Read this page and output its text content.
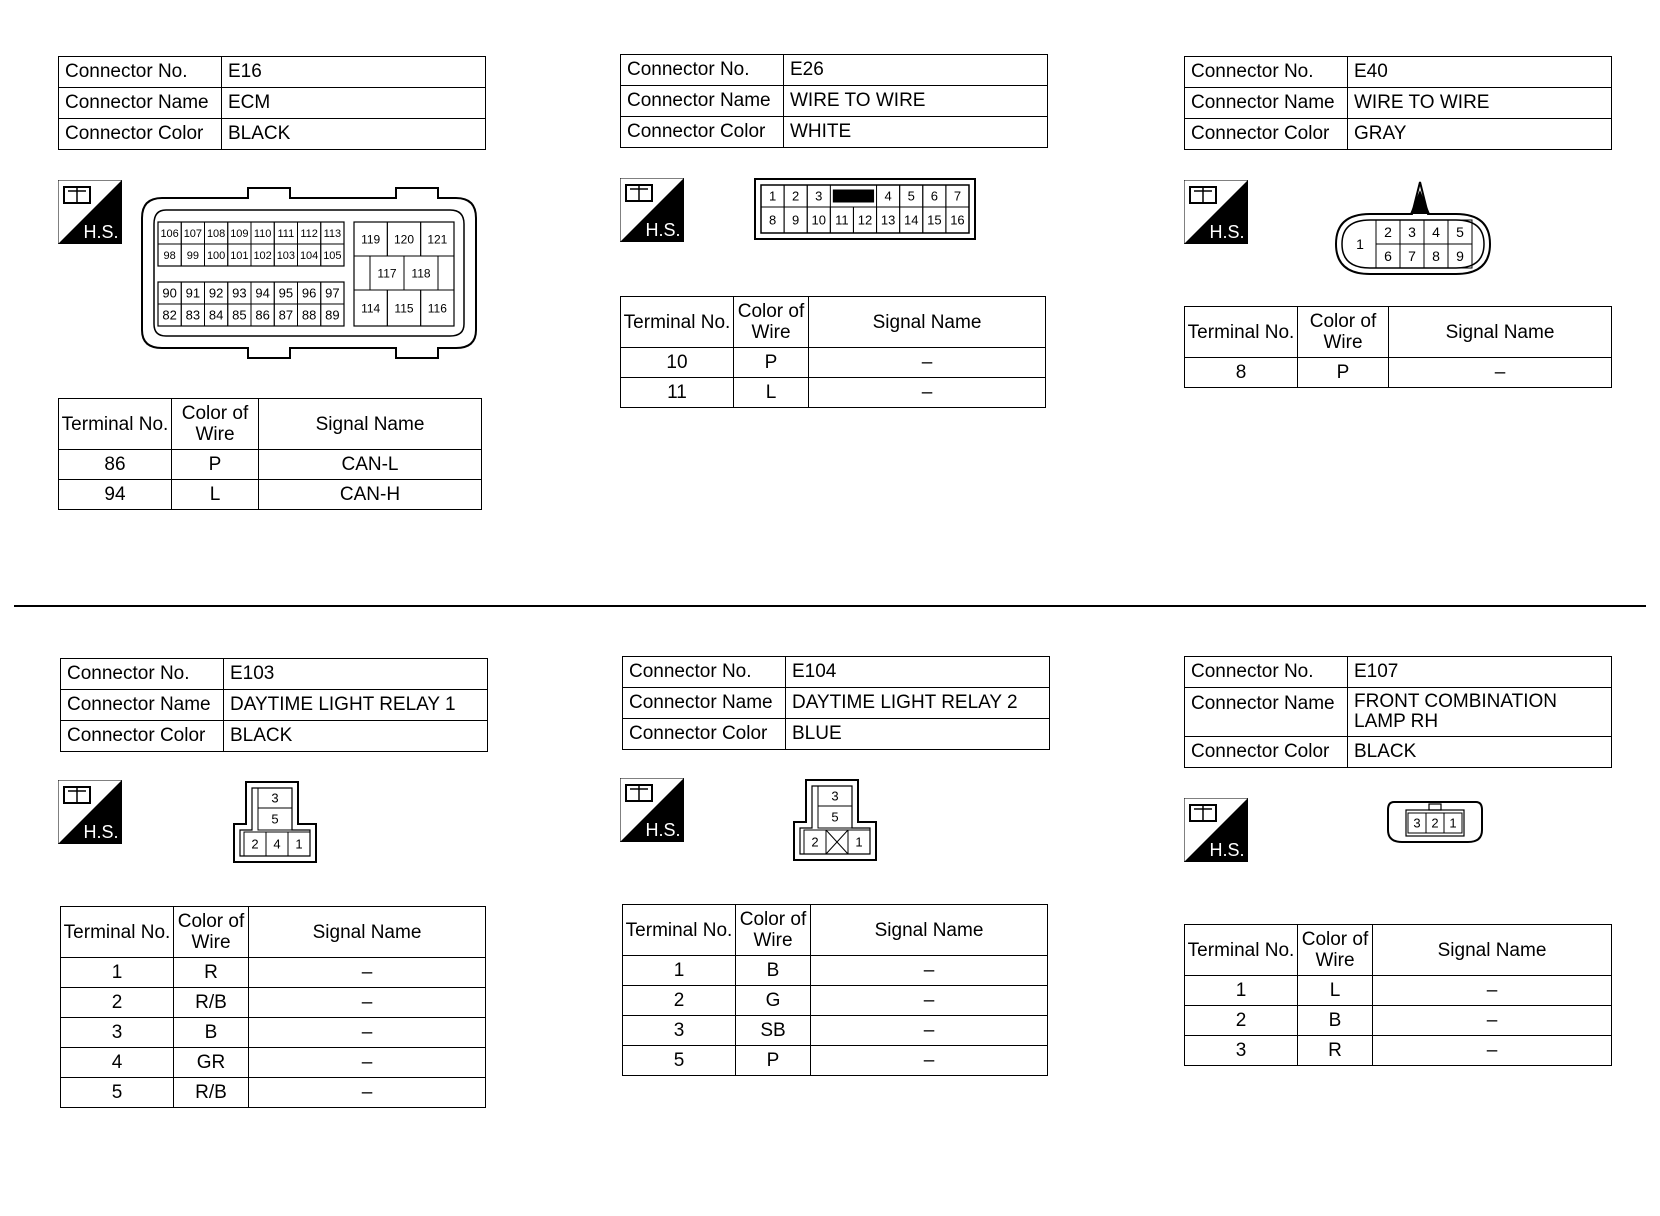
Connector No.	E16
Connector Name	ECM
Connector Color	BLACK
H.S.	106 107 108 109 110 111 112 113
98 99 100 101 102 103 104 105
90 91 92 93 94 95 96 97
82 83 84 85 86 87 88 89
119 120 121
117 118
114 115 116
Terminal No.	Color of Wire	Signal Name
86	P	CAN-L
94	L	CAN-H
Connector No.	E26
Connector Name	WIRE TO WIRE
Connector Color	WHITE
H.S.
1 2 3	4 5 6 7
8 9 10 11 12 13 14 15 16
Terminal No.	Color of Wire	Signal Name
10	P	–
11	L	–
Connector No.	E40
Connector Name	WIRE TO WIRE
Connector Color	GRAY
H.S.
1
2 3 4 5
6 7 8 9
Terminal No.	Color of Wire	Signal Name
8	P	–
Connector No.	E103
Connector Name	DAYTIME LIGHT RELAY 1
Connector Color	BLACK
H.S.
3
5
2 4 1
Terminal No.	Color of Wire	Signal Name
1	R	–
2	R/B	–
3	B	–
4	GR	–
5	R/B	–
Connector No.	E104
Connector Name	DAYTIME LIGHT RELAY 2
Connector Color	BLUE
H.S.
3
5
2	1
Terminal No.	Color of Wire	Signal Name
1	B	–
2	G	–
3	SB	–
5	P	–
Connector No.	E107
Connector Name	FRONT COMBINATION LAMP RH
Connector Color	BLACK
H.S.
3 2 1
Terminal No.	Color of Wire	Signal Name
1	L	–
2	B	–
3	R	–
